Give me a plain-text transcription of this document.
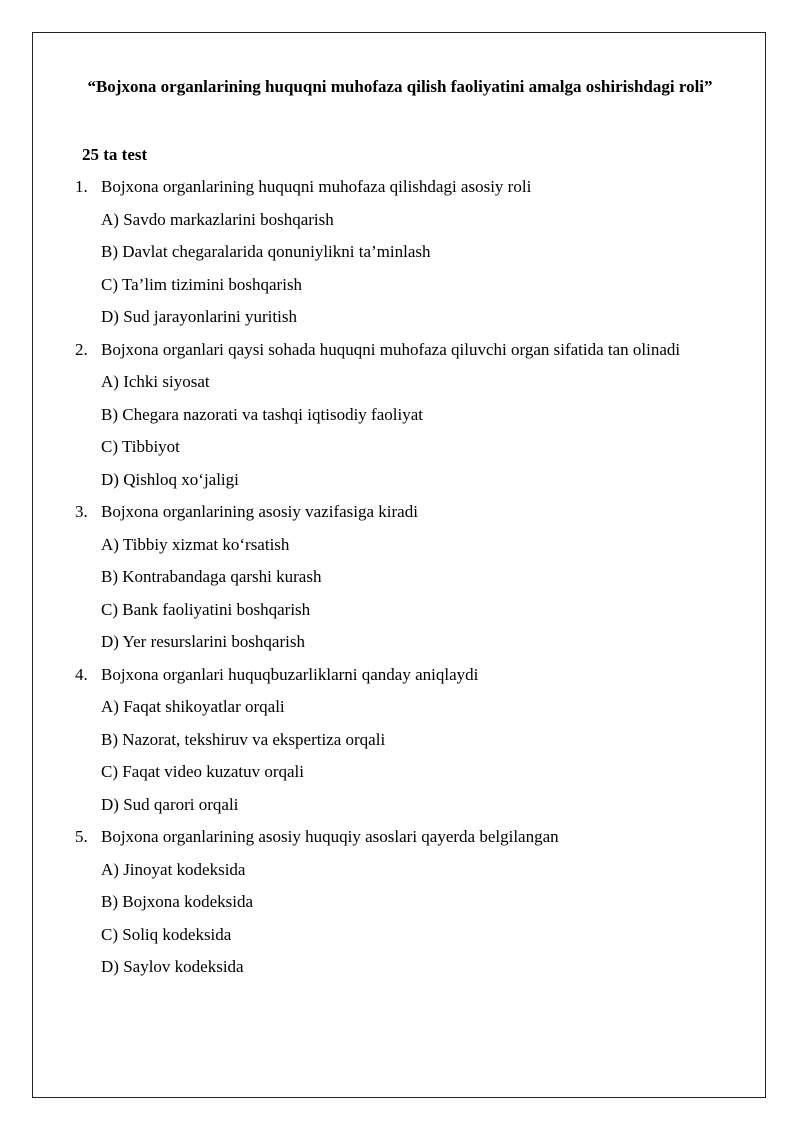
“Bojxona organlarining huquqni muhofaza qilish faoliyatini amalga oshirishdagi roli”
25 ta test
1. Bojxona organlarining huquqni muhofaza qilishdagi asosiy roli
A) Savdo markazlarini boshqarish
B) Davlat chegaralarida qonuniylikni ta’minlash
C) Ta’lim tizimini boshqarish
D) Sud jarayonlarini yuritish
2. Bojxona organlari qaysi sohada huquqni muhofaza qiluvchi organ sifatida tan olinadi
A) Ichki siyosat
B) Chegara nazorati va tashqi iqtisodiy faoliyat
C) Tibbiyot
D) Qishloq xo‘jaligi
3. Bojxona organlarining asosiy vazifasiga kiradi
A) Tibbiy xizmat ko‘rsatish
B) Kontrabandaga qarshi kurash
C) Bank faoliyatini boshqarish
D) Yer resurslarini boshqarish
4. Bojxona organlari huquqbuzarliklarni qanday aniqlaydi
A) Faqat shikoyatlar orqali
B) Nazorat, tekshiruv va ekspertiza orqali
C) Faqat video kuzatuv orqali
D) Sud qarori orqali
5. Bojxona organlarining asosiy huquqiy asoslari qayerda belgilangan
A) Jinoyat kodeksida
B) Bojxona kodeksida
C) Soliq kodeksida
D) Saylov kodeksida
